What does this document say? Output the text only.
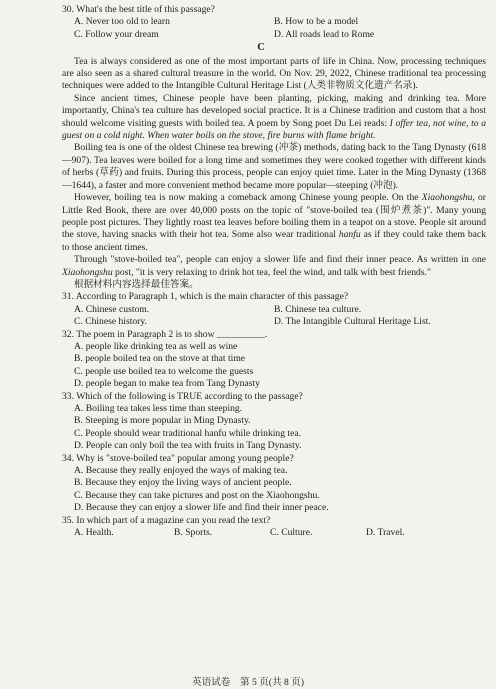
30. What's the best title of this passage?

A. Never too old to learn	B. How to be a model

C. Follow your dream	D. All roads lead to Rome

C

Tea is always considered as one of the most important parts of life in China. Now, processing techniques are also seen as a shared cultural treasure in the world. On Nov. 29, 2022, Chinese traditional tea processing techniques were added to the Intangible Cultural Heritage List (人类非物质文化遗产名录).

Since ancient times, Chinese people have been planting, picking, making and drinking tea. More importantly, China's tea culture has developed social practice. It is a Chinese tradition and custom that a host should welcome visiting guests with boiled tea. A poem by Song poet Du Lei reads: I offer tea, not wine, to a guest on a cold night. When water boils on the stove, fire burns with flame bright.

Boiling tea is one of the oldest Chinese tea brewing (冲茶) methods, dating back to the Tang Dynasty (618—907). Tea leaves were boiled for a long time and sometimes they were cooked together with different kinds of herbs (草药) and fruits. During this process, people can enjoy quiet time. Later in the Ming Dynasty (1368—1644), a faster and more convenient method became more popular—steeping (冲泡).

However, boiling tea is now making a comeback among Chinese young people. On the Xiaohongshu, or Little Red Book, there are over 40,000 posts on the topic of "stove-boiled tea (围炉煮茶)". Many young people post pictures. They lightly roast tea leaves before boiling them in a teapot on a stove. People sit around the stove, having snacks with their hot tea. Some also wear traditional hanfu as if they could take them back to those ancient times.

Through "stove-boiled tea", people can enjoy a slower life and find their inner peace. As written in one Xiaohongshu post, "it is very relaxing to drink hot tea, feel the wind, and talk with best friends."

根据材料内容选择最佳答案。

31. According to Paragraph 1, which is the main character of this passage?

A. Chinese custom.	B. Chinese tea culture.

C. Chinese history.	D. The Intangible Cultural Heritage List.

32. The poem in Paragraph 2 is to show __________.

A. people like drinking tea as well as wine

B. people boiled tea on the stove at that time

C. people use boiled tea to welcome the guests

D. people began to make tea from Tang Dynasty

33. Which of the following is TRUE according to the passage?

A. Boiling tea takes less time than steeping.

B. Steeping is more popular in Ming Dynasty.

C. People should wear traditional hanfu while drinking tea.

D. People can only boil the tea with fruits in Tang Dynasty.

34. Why is "stove-boiled tea" popular among young people?

A. Because they really enjoyed the ways of making tea.

B. Because they enjoy the living ways of ancient people.

C. Because they can take pictures and post on the Xiaohongshu.

D. Because they can enjoy a slower life and find their inner peace.

35. In which part of a magazine can you read the text?

A. Health.	B. Sports.	C. Culture.	D. Travel.

英语试卷　第 5 页(共 8 页)
